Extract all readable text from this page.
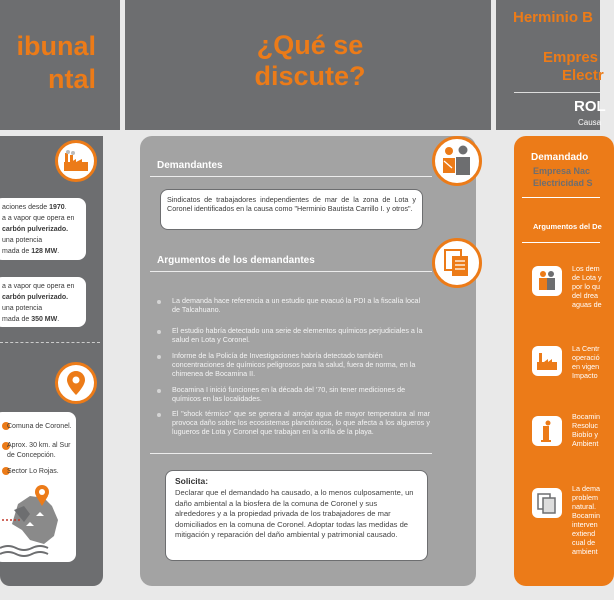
ibunal
ntal
aciones desde 1970.
a a vapor que opera en
carbón pulverizado.
una potencia
mada de 128 MW.
a a vapor que opera en
carbón pulverizado.
una potencia
mada de 350 MW.
Comuna de Coronel.
Aprox. 30 km. al Sur
de Concepción.
Sector Lo Rojas.
¿Qué se
discute?
Demandantes
Sindicatos de trabajadores independientes de mar de la zona de Lota y Coronel identificados en la causa como "Herminio Bautista Carrillo I. y otros".
Argumentos de los demandantes
La demanda hace referencia a un estudio que evacuó la PDI a la fiscalía local de Talcahuano.
El estudio habría detectado una serie de elementos químicos perjudiciales a la salud en Lota y Coronel.
Informe de la Policía de Investigaciones habría detectado también concentraciones de químicos peligrosos para la salud, fuera de norma, en la chimenea de Bocamina II.
Bocamina I inició funciones en la década del '70, sin tener mediciones de químicos en las localidades.
El "shock térmico" que se genera al arrojar agua de mayor temperatura al mar provoca daño sobre los ecosistemas planctónicos, lo que afecta a los algueros y lugueros de Lota y Coronel que trabajan en la orilla de la playa.
Solicita:
Declarar que el demandado ha causado, a lo menos culposamente, un daño ambiental a la biosfera de la comuna de Coronel y sus alrededores y a la propiedad privada de los trabajadores de mar domiciliados en la comuna de Coronel. Adoptar todas las medidas de mitigación y reparación del daño ambiental y patrimonial causado.
Herminio B
Empres
Electr
ROL
Causa
Demandado
Empresa Nac
Electricidad S
Argumentos del De
Los dem
de Lota y
por lo qu
del drea
aguas de
La Centr
operació
en vigen
Impacto
Bocamin
Resoluc
Biobío y
Ambient
La dema
problem
natural.
Bocamin
interven
extiend
cual de
ambient
